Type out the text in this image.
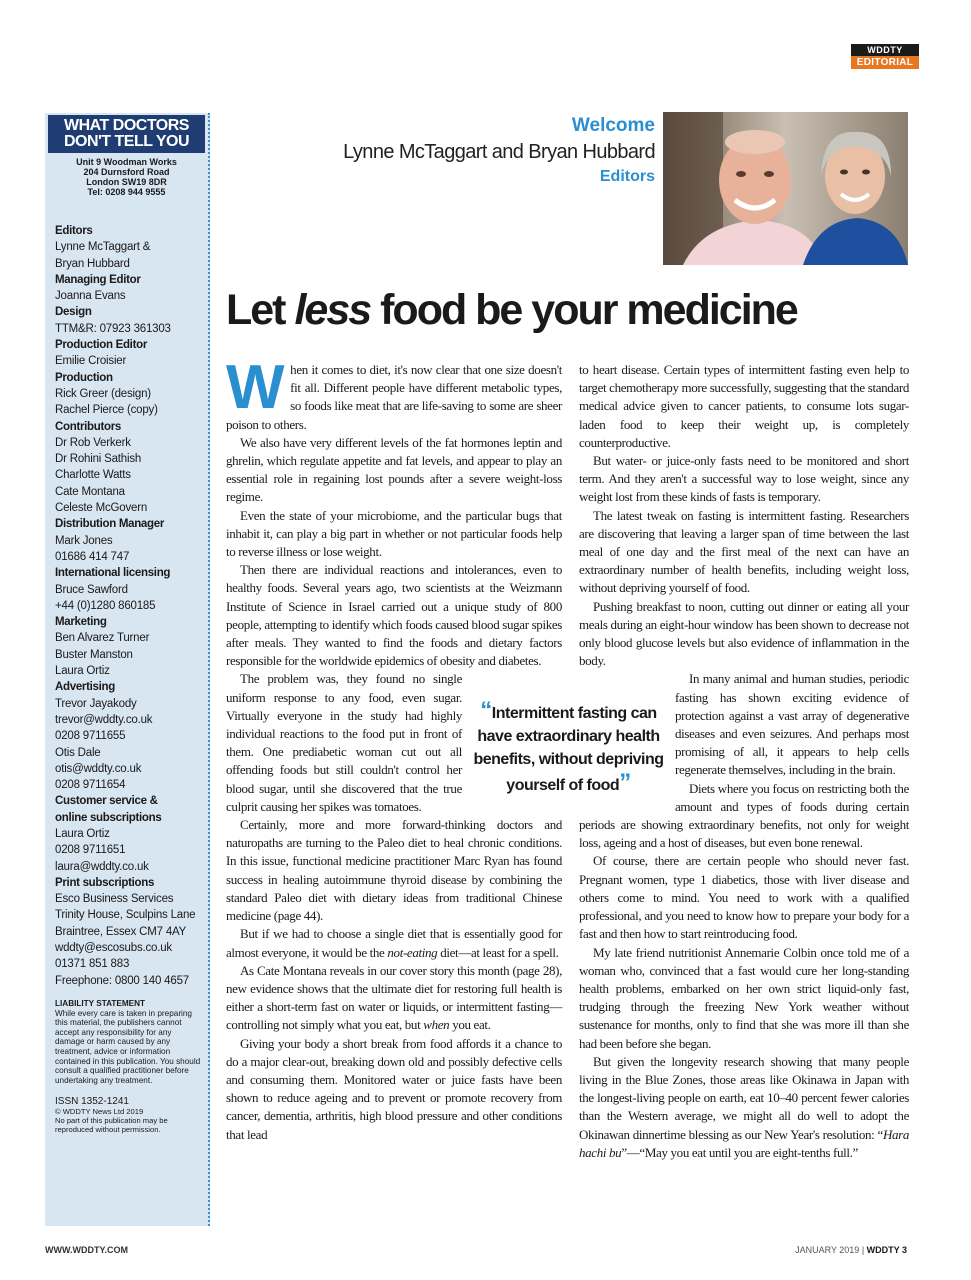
WDDTY
EDITORIAL
WHAT DOCTORS
DON'T TELL YOU
Unit 9 Woodman Works
204 Durnsford Road
London SW19 8DR
Tel: 0208 944 9555
Editors
Lynne McTaggart &
Bryan Hubbard
Managing Editor
Joanna Evans
Design
TTM&R: 07923 361303
Production Editor
Emilie Croisier
Production
Rick Greer (design)
Rachel Pierce (copy)
Contributors
Dr Rob Verkerk
Dr Rohini Sathish
Charlotte Watts
Cate Montana
Celeste McGovern
Distribution Manager
Mark Jones
01686 414 747
International licensing
Bruce Sawford
+44 (0)1280 860185
Marketing
Ben Alvarez Turner
Buster Manston
Laura Ortiz
Advertising
Trevor Jayakody
trevor@wddty.co.uk
0208 9711655
Otis Dale
otis@wddty.co.uk
0208 9711654
Customer service &
online subscriptions
Laura Ortiz
0208 9711651
laura@wddty.co.uk
Print subscriptions
Esco Business Services
Trinity House, Sculpins Lane
Braintree, Essex CM7 4AY
wddty@escosubs.co.uk
01371 851 883
Freephone: 0800 140 4657
LIABILITY STATEMENT
While every care is taken in preparing this material, the publishers cannot accept any responsibility for any damage or harm caused by any treatment, advice or information contained in this publication. You should consult a qualified practitioner before undertaking any treatment.
ISSN 1352-1241
© WDDTY News Ltd 2019
No part of this publication may be reproduced without permission.
Welcome
Lynne McTaggart and Bryan Hubbard
Editors
Let less food be your medicine

When it comes to diet, it's now clear that one size doesn't fit all. Different people have different metabolic types, so foods like meat that are life-saving to some are sheer poison to others.

We also have very different levels of the fat hormones leptin and ghrelin, which regulate appetite and fat levels, and appear to play an essential role in regaining lost pounds after a severe weight-loss regime.

Even the state of your microbiome, and the particular bugs that inhabit it, can play a big part in whether or not particular foods help to reverse illness or lose weight.

Then there are individual reactions and intolerances, even to healthy foods. Several years ago, two scientists at the Weizmann Institute of Science in Israel carried out a unique study of 800 people, attempting to identify which foods caused blood sugar spikes after meals. They wanted to find the foods and dietary factors responsible for the worldwide epidemics of obesity and diabetes.

The problem was, they found no single uniform response to any food, even sugar. Virtually everyone in the study had highly individual reactions to the food put in front of them. One prediabetic woman cut out all offending foods but still couldn't control her blood sugar, until she discovered that the true culprit causing her spikes was tomatoes.

Certainly, more and more forward-thinking doctors and naturopaths are turning to the Paleo diet to heal chronic conditions. In this issue, functional medicine practitioner Marc Ryan has found success in healing autoimmune thyroid disease by combining the standard Paleo diet with dietary ideas from traditional Chinese medicine (page 44).

But if we had to choose a single diet that is essentially good for almost everyone, it would be the not-eating diet—at least for a spell.

As Cate Montana reveals in our cover story this month (page 28), new evidence shows that the ultimate diet for restoring full health is either a short-term fast on water or liquids, or intermittent fasting—controlling not simply what you eat, but when you eat.

Giving your body a short break from food affords it a chance to do a major clear-out, breaking down old and possibly defective cells and consuming them. Monitored water or juice fasts have been shown to reduce ageing and to prevent or promote recovery from cancer, dementia, arthritis, high blood pressure and other conditions that lead

to heart disease. Certain types of intermittent fasting even help to target chemotherapy more successfully, suggesting that the standard medical advice given to cancer patients, to consume lots sugar-laden food to keep their weight up, is completely counterproductive.

But water- or juice-only fasts need to be monitored and short term. And they aren't a successful way to lose weight, since any weight lost from these kinds of fasts is temporary.

The latest tweak on fasting is intermittent fasting. Researchers are discovering that leaving a larger span of time between the last meal of one day and the first meal of the next can have an extraordinary number of health benefits, including weight loss, without depriving yourself of food.

Pushing breakfast to noon, cutting out dinner or eating all your meals during an eight-hour window has been shown to decrease not only blood glucose levels but also evidence of inflammation in the body.

In many animal and human studies, periodic fasting has shown exciting evidence of protection against a vast array of degenerative diseases and even seizures. And perhaps most promising of all, it appears to help cells regenerate themselves, including in the brain.

Diets where you focus on restricting both the amount and types of foods during certain periods are showing extraordinary benefits, not only for weight loss, ageing and a host of diseases, but even bone renewal.

Of course, there are certain people who should never fast. Pregnant women, type 1 diabetics, those with liver disease and others come to mind. You need to work with a qualified professional, and you need to know how to prepare your body for a fast and then how to start reintroducing food.

My late friend nutritionist Annemarie Colbin once told me of a woman who, convinced that a fast would cure her long-standing health problems, embarked on her own strict liquid-only fast, trudging through the freezing New York weather without sustenance for months, only to find that she was more ill than she had been before she began.

But given the longevity research showing that many people living in the Blue Zones, those areas like Okinawa in Japan with the longest-living people on earth, eat 10–40 percent fewer calories than the Western average, we might all do well to adopt the Okinawan dinnertime blessing as our New Year's resolution: “Hara hachi bu”—“May you eat until you are eight-tenths full.”

“Intermittent fasting can have extraordinary health benefits, without depriving yourself of food”
WWW.WDDTY.COM	JANUARY 2019 | WDDTY 3
